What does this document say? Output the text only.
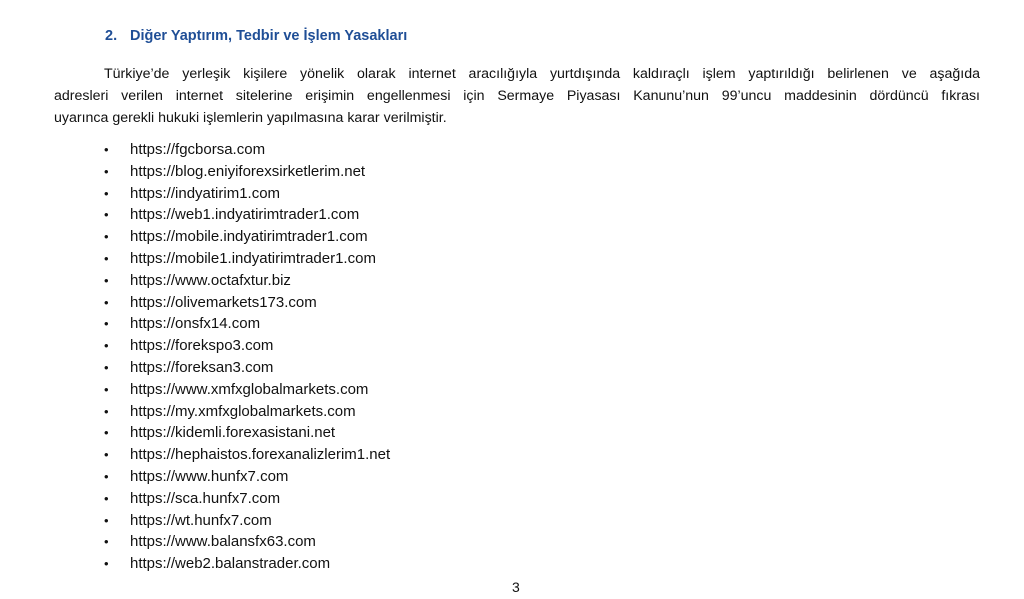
2. Diğer Yaptırım, Tedbir ve İşlem Yasakları
Türkiye’de yerleşik kişilere yönelik olarak internet aracılığıyla yurtdışında kaldıraçlı işlem yaptırıldığı belirlenen ve aşağıda
adresleri verilen internet sitelerine erişimin engellenmesi için Sermaye Piyasası Kanunu’nun 99’uncu maddesinin dördüncü fıkrası
uyarınca gerekli hukuki işlemlerin yapılmasına karar verilmiştir.
• https://fgcborsa.com
• https://blog.eniyiforexsirketlerim.net
• https://indyatirim1.com
• https://web1.indyatirimtrader1.com
• https://mobile.indyatirimtrader1.com
• https://mobile1.indyatirimtrader1.com
• https://www.octafxtur.biz
• https://olivemarkets173.com
• https://onsfx14.com
• https://forekspo3.com
• https://foreksan3.com
• https://www.xmfxglobalmarkets.com
• https://my.xmfxglobalmarkets.com
• https://kidemli.forexasistani.net
• https://hephaistos.forexanalizlerim1.net
• https://www.hunfx7.com
• https://sca.hunfx7.com
• https://wt.hunfx7.com
• https://www.balansfx63.com
• https://web2.balanstrader.com
3
